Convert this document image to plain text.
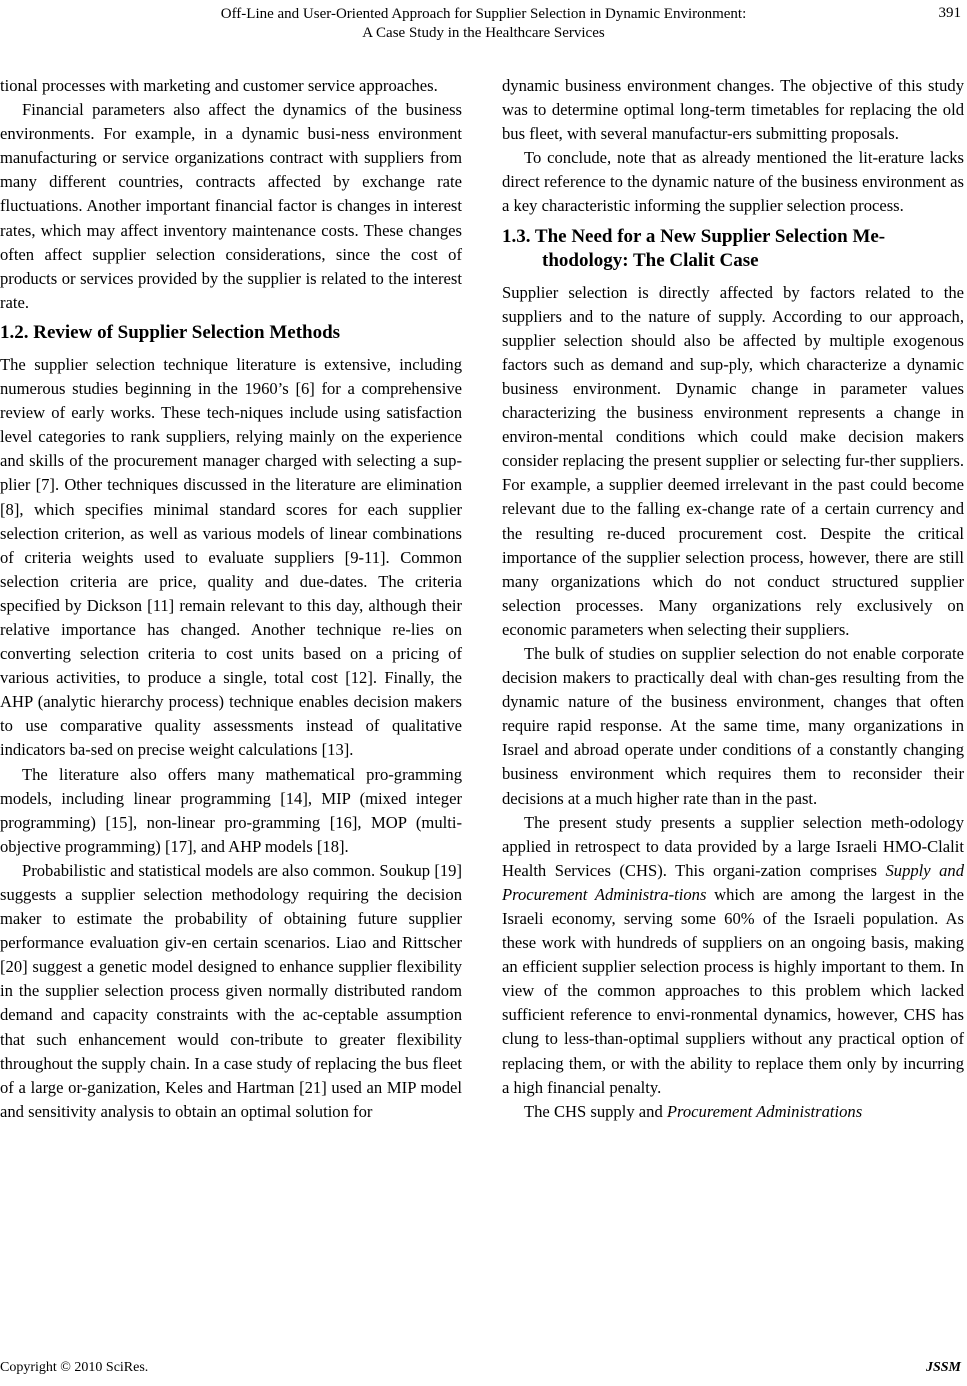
Off-Line and User-Oriented Approach for Supplier Selection in Dynamic Environment:
A Case Study in the Healthcare Services
391

tional processes with marketing and customer service approaches.

Financial parameters also affect the dynamics of the business environments. For example, in a dynamic busi-ness environment manufacturing or service organizations contract with suppliers from many different countries, contracts affected by exchange rate fluctuations. Another important financial factor is changes in interest rates, which may affect inventory maintenance costs. These changes often affect supplier selection considerations, since the cost of products or services provided by the supplier is related to the interest rate.

1.2. Review of Supplier Selection Methods

The supplier selection technique literature is extensive, including numerous studies beginning in the 1960’s [6] for a comprehensive review of early works. These tech-niques include using satisfaction level categories to rank suppliers, relying mainly on the experience and skills of the procurement manager charged with selecting a sup-plier [7]. Other techniques discussed in the literature are elimination [8], which specifies minimal standard scores for each supplier selection criterion, as well as various models of linear combinations of criteria weights used to evaluate suppliers [9-11]. Common selection criteria are price, quality and due-dates. The criteria specified by Dickson [11] remain relevant to this day, although their relative importance has changed. Another technique re-lies on converting selection criteria to cost units based on a pricing of various activities, to produce a single, total cost [12]. Finally, the AHP (analytic hierarchy process) technique enables decision makers to use comparative quality assessments instead of qualitative indicators ba-sed on precise weight calculations [13].

The literature also offers many mathematical pro-gramming models, including linear programming [14], MIP (mixed integer programming) [15], non-linear pro-gramming [16], MOP (multi-objective programming) [17], and AHP models [18].

Probabilistic and statistical models are also common. Soukup [19] suggests a supplier selection methodology requiring the decision maker to estimate the probability of obtaining future supplier performance evaluation giv-en certain scenarios. Liao and Rittscher [20] suggest a genetic model designed to enhance supplier flexibility in the supplier selection process given normally distributed random demand and capacity constraints with the ac-ceptable assumption that such enhancement would con-tribute to greater flexibility throughout the supply chain. In a case study of replacing the bus fleet of a large or-ganization, Keles and Hartman [21] used an MIP model and sensitivity analysis to obtain an optimal solution for

dynamic business environment changes. The objective of this study was to determine optimal long-term timetables for replacing the old bus fleet, with several manufactur-ers submitting proposals.

To conclude, note that as already mentioned the lit-erature lacks direct reference to the dynamic nature of the business environment as a key characteristic informing the supplier selection process.

1.3. The Need for a New Supplier Selection Me-thodology: The Clalit Case

Supplier selection is directly affected by factors related to the suppliers and to the nature of supply. According to our approach, supplier selection should also be affected by multiple exogenous factors such as demand and sup-ply, which characterize a dynamic business environment. Dynamic change in parameter values characterizing the business environment represents a change in environ-mental conditions which could make decision makers consider replacing the present supplier or selecting fur-ther suppliers. For example, a supplier deemed irrelevant in the past could become relevant due to the falling ex-change rate of a certain currency and the resulting re-duced procurement cost. Despite the critical importance of the supplier selection process, however, there are still many organizations which do not conduct structured supplier selection processes. Many organizations rely exclusively on economic parameters when selecting their suppliers.

The bulk of studies on supplier selection do not enable corporate decision makers to practically deal with chan-ges resulting from the dynamic nature of the business environment, changes that often require rapid response. At the same time, many organizations in Israel and abroad operate under conditions of a constantly changing business environment which requires them to reconsider their decisions at a much higher rate than in the past.

The present study presents a supplier selection meth-odology applied in retrospect to data provided by a large Israeli HMO-Clalit Health Services (CHS). This organi-zation comprises Supply and Procurement Administra-tions which are among the largest in the Israeli economy, serving some 60% of the Israeli population. As these work with hundreds of suppliers on an ongoing basis, making an efficient supplier selection process is highly important to them. In view of the common approaches to this problem which lacked sufficient reference to envi-ronmental dynamics, however, CHS has clung to less-than-optimal suppliers without any practical option of replacing them, or with the ability to replace them only by incurring a high financial penalty.

The CHS supply and Procurement Administrations

Copyright © 2010 SciRes.	JSSM
